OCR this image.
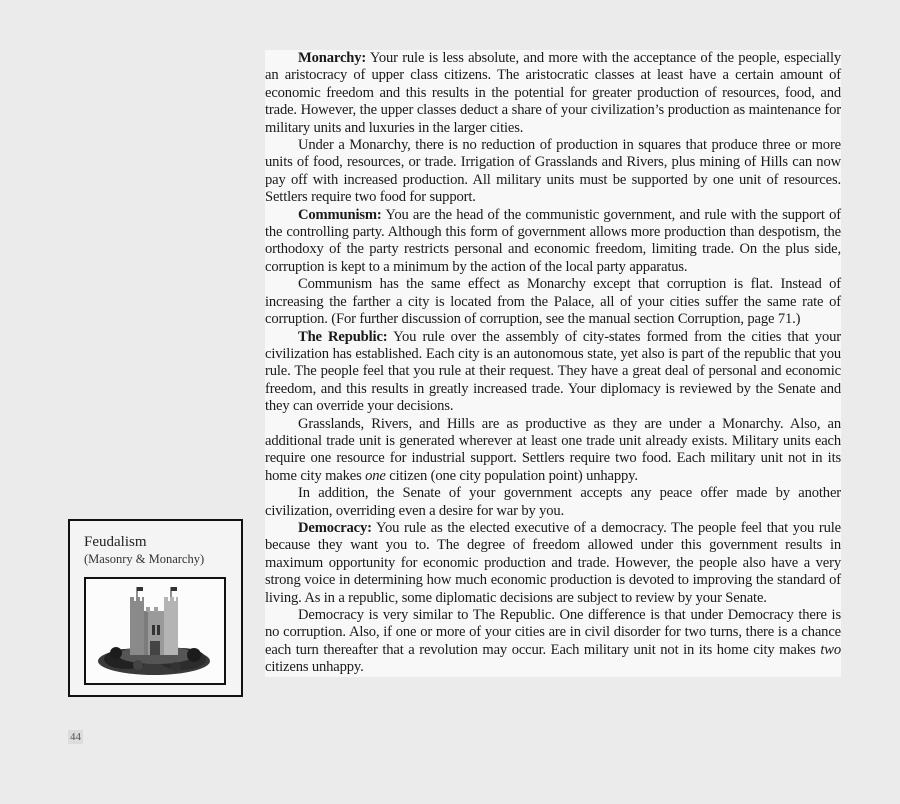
Monarchy: Your rule is less absolute, and more with the acceptance of the people, especially an aristocracy of upper class citizens. The aristocratic classes at least have a certain amount of economic freedom and this results in the potential for greater production of resources, food, and trade. However, the upper classes deduct a share of your civilization’s production as maintenance for military units and luxuries in the larger cities.

Under a Monarchy, there is no reduction of production in squares that produce three or more units of food, resources, or trade. Irrigation of Grasslands and Rivers, plus mining of Hills can now pay off with increased production. All military units must be supported by one unit of resources. Settlers require two food for support.

Communism: You are the head of the communistic government, and rule with the support of the controlling party. Although this form of government allows more production than despotism, the orthodoxy of the party restricts personal and economic freedom, limiting trade. On the plus side, corruption is kept to a minimum by the action of the local party apparatus.

Communism has the same effect as Monarchy except that corruption is flat. Instead of increasing the farther a city is located from the Palace, all of your cities suffer the same rate of corruption. (For further discussion of corruption, see the manual section Corruption, page 71.)

The Republic: You rule over the assembly of city-states formed from the cities that your civilization has established. Each city is an autonomous state, yet also is part of the republic that you rule. The people feel that you rule at their request. They have a great deal of personal and economic freedom, and this results in greatly increased trade. Your diplomacy is reviewed by the Senate and they can override your decisions.

Grasslands, Rivers, and Hills are as productive as they are under a Monarchy. Also, an additional trade unit is generated wherever at least one trade unit already exists. Military units each require one resource for industrial support. Settlers require two food. Each military unit not in its home city makes one citizen (one city population point) unhappy.

In addition, the Senate of your government accepts any peace offer made by another civilization, overriding even a desire for war by you.

Democracy: You rule as the elected executive of a democracy. The people feel that you rule because they want you to. The degree of freedom allowed under this government results in maximum opportunity for economic production and trade. However, the people also have a very strong voice in determining how much economic production is devoted to improving the standard of living. As in a republic, some diplomatic decisions are subject to review by your Senate.

Democracy is very similar to The Republic. One difference is that under Democracy there is no corruption. Also, if one or more of your cities are in civil disorder for two turns, there is a chance each turn thereafter that a revolution may occur. Each military unit not in its home city makes two citizens unhappy.

Feudalism
(Masonry & Monarchy)
44
